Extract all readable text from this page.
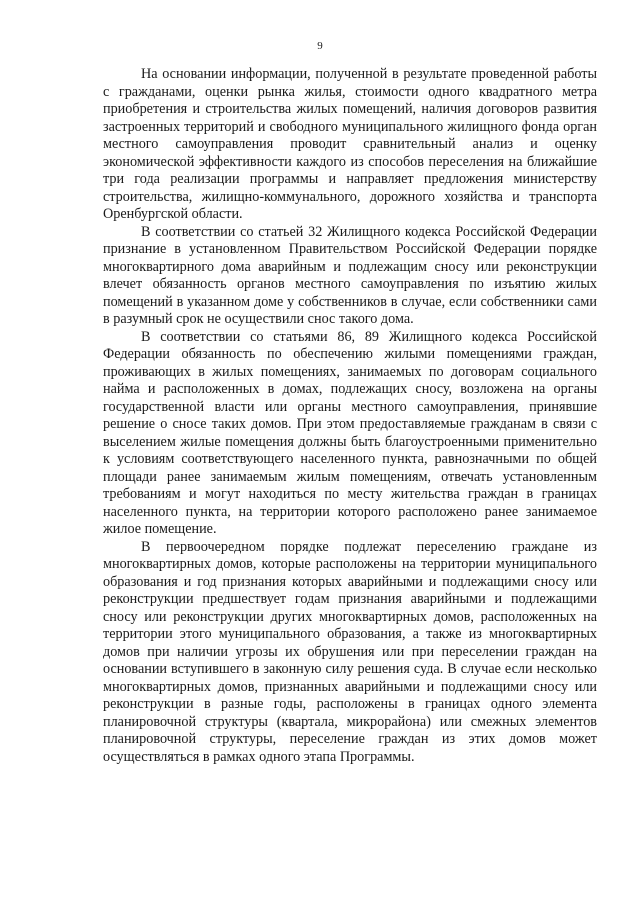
9

На основании информации, полученной в результате проведенной работы с гражданами, оценки рынка жилья, стоимости одного квадратного метра приобретения и строительства жилых помещений, наличия договоров развития застроенных территорий и свободного муниципального жилищного фонда орган местного самоуправления проводит сравнительный анализ и оценку экономической эффективности каждого из способов переселения на ближайшие три года реализации программы и направляет предложения министерству строительства, жилищно-коммунального, дорожного хозяйства и транспорта Оренбургской области.

В соответствии со статьей 32 Жилищного кодекса Российской Федерации признание в установленном Правительством Российской Федерации порядке многоквартирного дома аварийным и подлежащим сносу или реконструкции влечет обязанность органов местного самоуправления по изъятию жилых помещений в указанном доме у собственников в случае, если собственники сами в разумный срок не осуществили снос такого дома.

В соответствии со статьями 86, 89 Жилищного кодекса Российской Федерации обязанность по обеспечению жилыми помещениями граждан, проживающих в жилых помещениях, занимаемых по договорам социального найма и расположенных в домах, подлежащих сносу, возложена на органы государственной власти или органы местного самоуправления, принявшие решение о сносе таких домов. При этом предоставляемые гражданам в связи с выселением жилые помещения должны быть благоустроенными применительно к условиям соответствующего населенного пункта, равнозначными по общей площади ранее занимаемым жилым помещениям, отвечать установленным требованиям и могут находиться по месту жительства граждан в границах населенного пункта, на территории которого расположено ранее занимаемое жилое помещение.

В первоочередном порядке подлежат переселению граждане из многоквартирных домов, которые расположены на территории муниципального образования и год признания которых аварийными и подлежащими сносу или реконструкции предшествует годам признания аварийными и подлежащими сносу или реконструкции других многоквартирных домов, расположенных на территории этого муниципального образования, а также из многоквартирных домов при наличии угрозы их обрушения или при переселении граждан на основании вступившего в законную силу решения суда. В случае если несколько многоквартирных домов, признанных аварийными и подлежащими сносу или реконструкции в разные годы, расположены в границах одного элемента планировочной структуры (квартала, микрорайона) или смежных элементов планировочной структуры, переселение граждан из этих домов может осуществляться в рамках одного этапа Программы.
